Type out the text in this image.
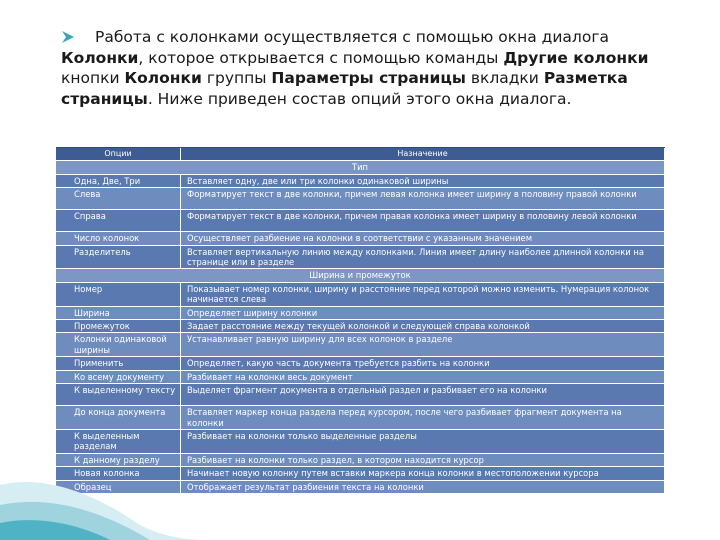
Работа с колонками осуществляется с помощью окна диалога Колонки, которое открывается с помощью команды Другие колонки кнопки Колонки группы Параметры страницы вкладки Разметка страницы. Ниже приведен состав опций этого окна диалога.

Опции	Назначение
Тип	
Одна, Две, Три	Вставляет одну, две или три колонки одинаковой ширины
Слева	Форматирует текст в две колонки, причем левая колонка имеет ширину в половину правой колонки
Справа	Форматирует текст в две колонки, причем правая колонка имеет ширину в половину левой колонки
Число колонок	Осуществляет разбиение на колонки в соответствии с указанным значением
Разделитель	Вставляет вертикальную линию между колонками. Линия имеет длину наиболее длинной колонки на странице или в разделе
Ширина и промежуток	
Номер	Показывает номер колонки, ширину и расстояние перед которой можно изменить. Нумерация колонок начинается слева
Ширина	Определяет ширину колонки
Промежуток	Задает расстояние между текущей колонкой и следующей справа колонкой
Колонки одинаковой ширины	Устанавливает равную ширину для всех колонок в разделе
Применить	Определяет, какую часть документа требуется разбить на колонки
Ко всему документу	Разбивает на колонки весь документ
К выделенному тексту	Выделяет фрагмент документа в отдельный раздел и разбивает его на колонки
До конца документа	Вставляет маркер конца раздела перед курсором, после чего разбивает фрагмент документа на колонки
К выделенным разделам	Разбивает на колонки только выделенные разделы
К данному разделу	Разбивает на колонки только раздел, в котором находится курсор
Новая колонка	Начинает новую колонку путем вставки маркера конца колонки в местоположении курсора
Образец	Отображает результат разбиения текста на колонки
